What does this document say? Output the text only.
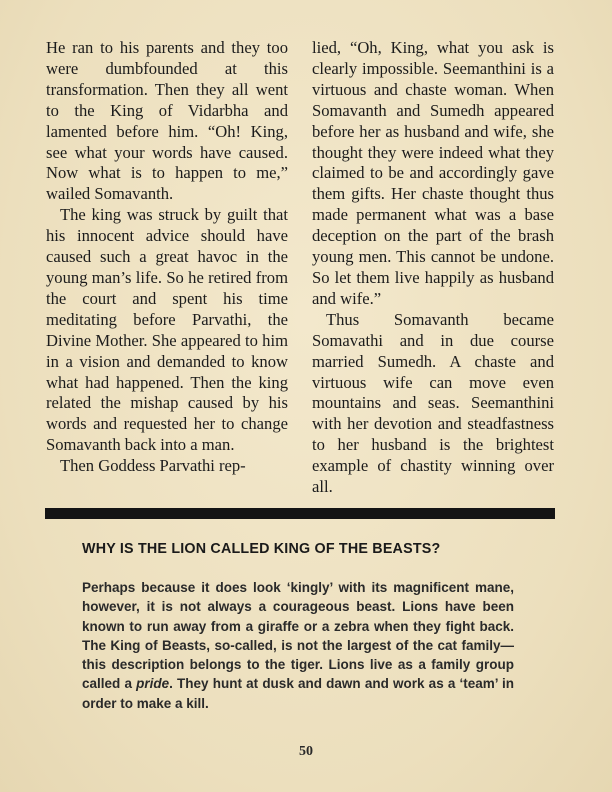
He ran to his parents and they too were dumbfounded at this transformation. Then they all went to the King of Vidarbha and lamented before him. “Oh! King, see what your words have caused. Now what is to happen to me,” wailed Somavanth.

The king was struck by guilt that his innocent advice should have caused such a great havoc in the young man’s life. So he retired from the court and spent his time meditating before Parvathi, the Divine Mother. She appeared to him in a vision and demanded to know what had happened. Then the king related the mishap caused by his words and requested her to change Somavanth back into a man.

Then Goddess Parvathi rep-

lied, “Oh, King, what you ask is clearly impossible. Seemanthini is a virtuous and chaste woman. When Somavanth and Sumedh appeared before her as husband and wife, she thought they were indeed what they claimed to be and accordingly gave them gifts. Her chaste thought thus made permanent what was a base deception on the part of the brash young men. This cannot be undone. So let them live happily as husband and wife.”

Thus Somavanth became Somavathi and in due course married Sumedh. A chaste and virtuous wife can move even mountains and seas. Seemanthini with her devotion and steadfastness to her husband is the brightest example of chastity winning over all.

WHY IS THE LION CALLED KING OF THE BEASTS?

Perhaps because it does look ‘kingly’ with its magnificent mane, however, it is not always a courageous beast. Lions have been known to run away from a giraffe or a zebra when they fight back. The King of Beasts, so-called, is not the largest of the cat family—this description belongs to the tiger. Lions live as a family group called a pride. They hunt at dusk and dawn and work as a ‘team’ in order to make a kill.

50
